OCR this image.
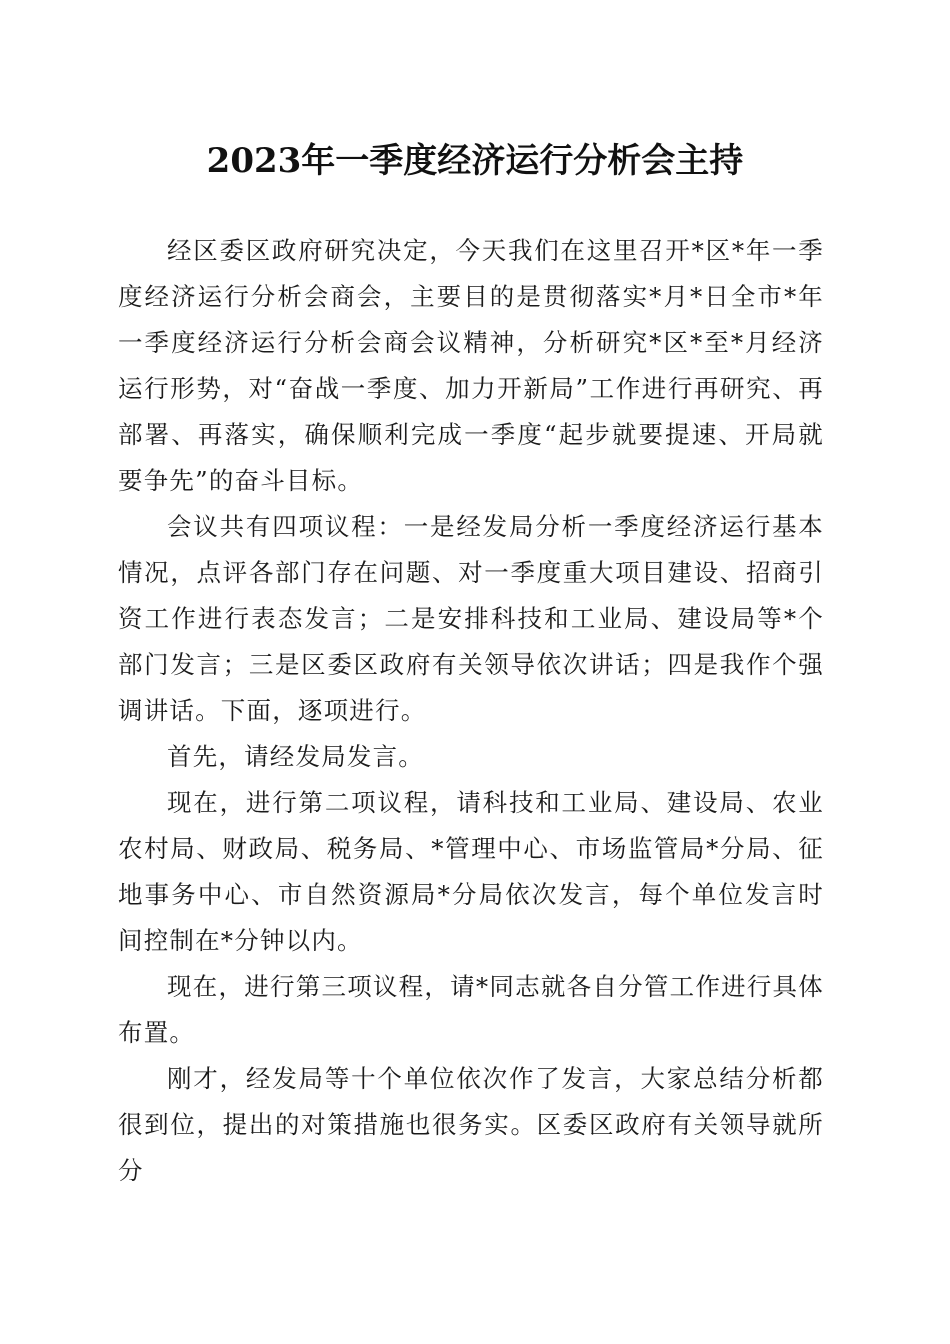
2023年一季度经济运行分析会主持

经区委区政府研究决定，今天我们在这里召开*区*年一季度经济运行分析会商会，主要目的是贯彻落实*月*日全市*年一季度经济运行分析会商会议精神，分析研究*区*至*月经济运行形势，对“奋战一季度、加力开新局”工作进行再研究、再部署、再落实，确保顺利完成一季度“起步就要提速、开局就要争先”的奋斗目标。

会议共有四项议程：一是经发局分析一季度经济运行基本情况，点评各部门存在问题、对一季度重大项目建设、招商引资工作进行表态发言；二是安排科技和工业局、建设局等*个部门发言；三是区委区政府有关领导依次讲话；四是我作个强调讲话。下面，逐项进行。

首先，请经发局发言。

现在，进行第二项议程，请科技和工业局、建设局、农业农村局、财政局、税务局、*管理中心、市场监管局*分局、征地事务中心、市自然资源局*分局依次发言，每个单位发言时间控制在*分钟以内。

现在，进行第三项议程，请*同志就各自分管工作进行具体布置。

刚才，经发局等十个单位依次作了发言，大家总结分析都很到位，提出的对策措施也很务实。区委区政府有关领导就所分
